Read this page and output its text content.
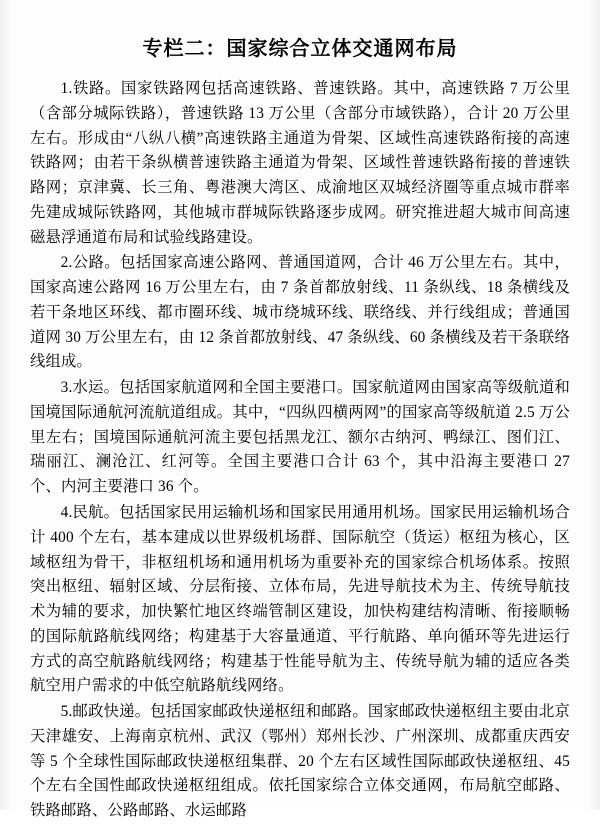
专栏二：国家综合立体交通网布局

1.铁路。国家铁路网包括高速铁路、普速铁路。其中，高速铁路 7 万公里（含部分城际铁路），普速铁路 13 万公里（含部分市域铁路），合计 20 万公里左右。形成由“八纵八横”高速铁路主通道为骨架、区域性高速铁路衔接的高速铁路网；由若干条纵横普速铁路主通道为骨架、区域性普速铁路衔接的普速铁路网；京津冀、长三角、粤港澳大湾区、成渝地区双城经济圈等重点城市群率先建成城际铁路网，其他城市群城际铁路逐步成网。研究推进超大城市间高速磁悬浮通道布局和试验线路建设。

2.公路。包括国家高速公路网、普通国道网，合计 46 万公里左右。其中，国家高速公路网 16 万公里左右，由 7 条首都放射线、11 条纵线、18 条横线及若干条地区环线、都市圈环线、城市绕城环线、联络线、并行线组成；普通国道网 30 万公里左右，由 12 条首都放射线、47 条纵线、60 条横线及若干条联络线组成。

3.水运。包括国家航道网和全国主要港口。国家航道网由国家高等级航道和国境国际通航河流航道组成。其中，“四纵四横两网”的国家高等级航道 2.5 万公里左右；国境国际通航河流主要包括黑龙江、额尔古纳河、鸭绿江、图们江、瑞丽江、澜沧江、红河等。全国主要港口合计 63 个，其中沿海主要港口 27 个、内河主要港口 36 个。

4.民航。包括国家民用运输机场和国家民用通用机场。国家民用运输机场合计 400 个左右，基本建成以世界级机场群、国际航空（货运）枢纽为核心，区域枢纽为骨干，非枢纽机场和通用机场为重要补充的国家综合机场体系。按照突出枢纽、辐射区域、分层衔接、立体布局，先进导航技术为主、传统导航技术为辅的要求，加快繁忙地区终端管制区建设，加快构建结构清晰、衔接顺畅的国际航路航线网络；构建基于大容量通道、平行航路、单向循环等先进运行方式的高空航路航线网络；构建基于性能导航为主、传统导航为辅的适应各类航空用户需求的中低空航路航线网络。

5.邮政快递。包括国家邮政快递枢纽和邮路。国家邮政快递枢纽主要由北京天津雄安、上海南京杭州、武汉（鄂州）郑州长沙、广州深圳、成都重庆西安等 5 个全球性国际邮政快递枢纽集群、20 个左右区域性国际邮政快递枢纽、45 个左右全国性邮政快递枢纽组成。依托国家综合立体交通网，布局航空邮路、铁路邮路、公路邮路、水运邮路
